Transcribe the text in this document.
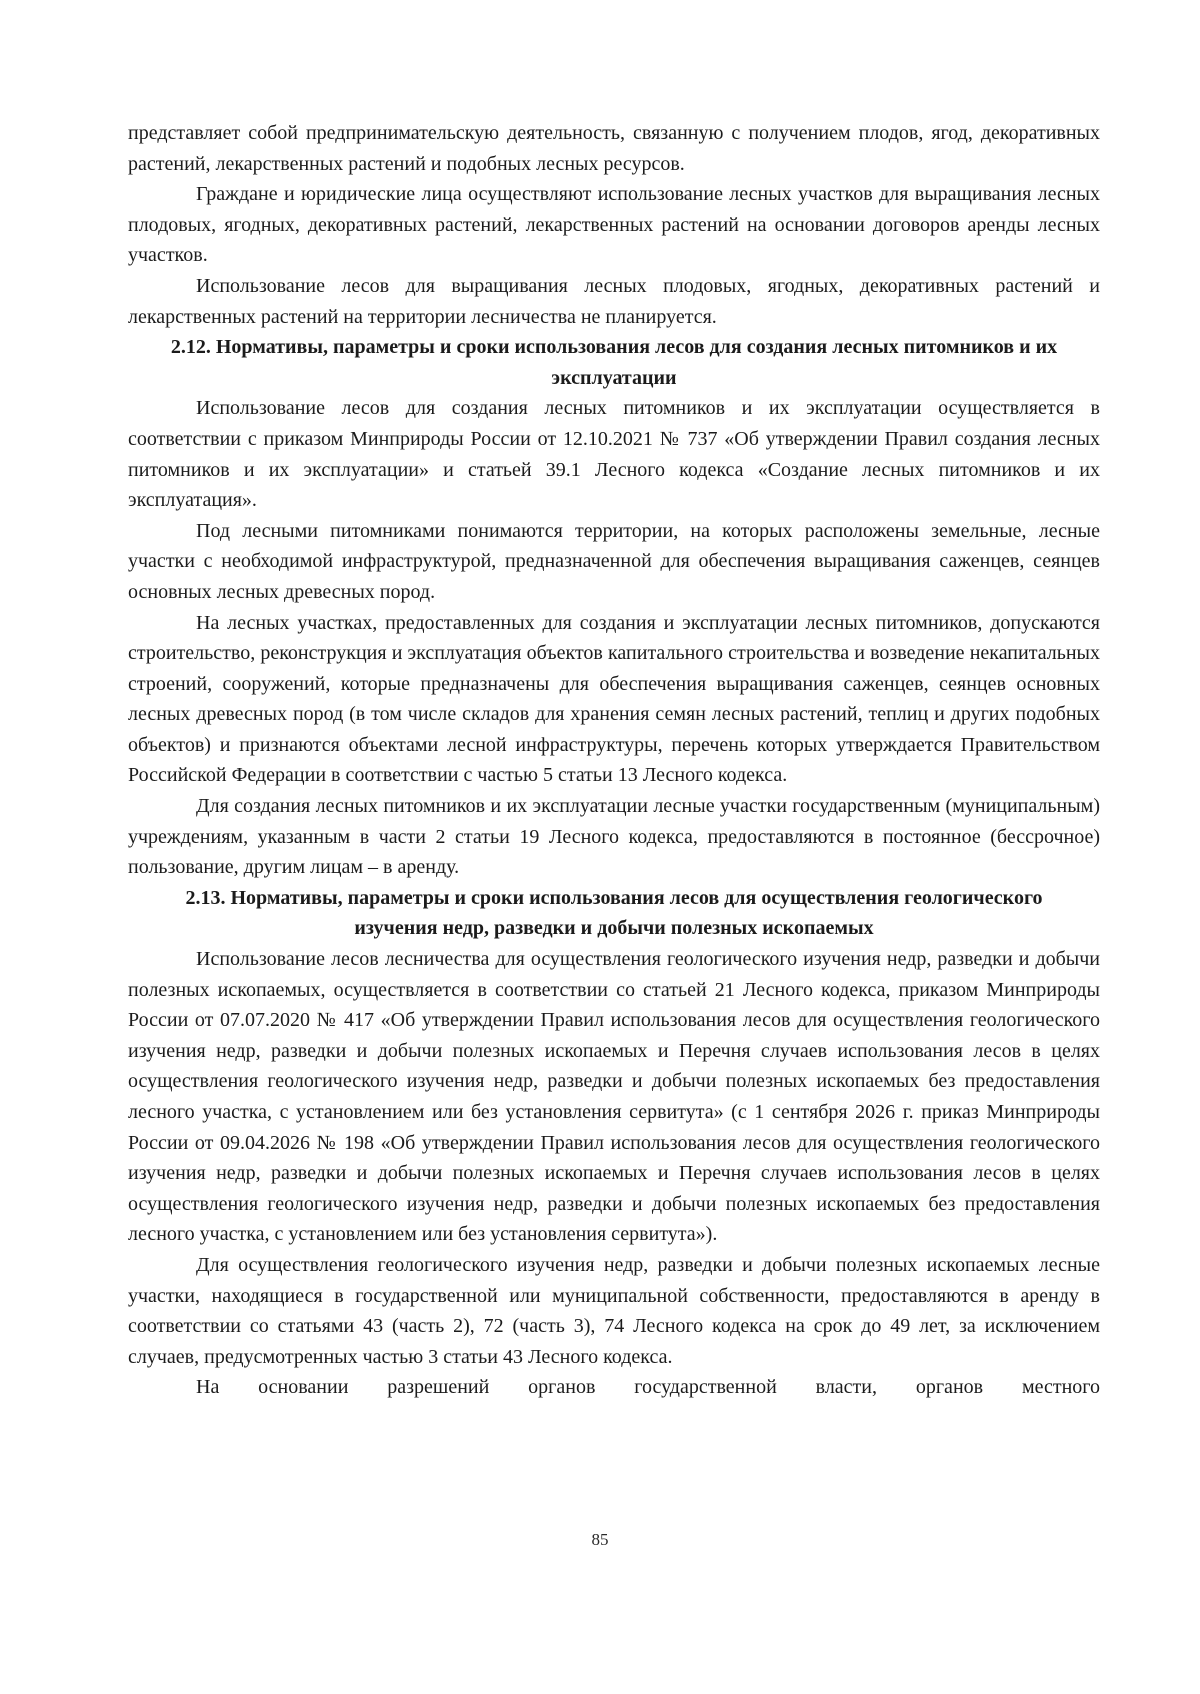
представляет собой предпринимательскую деятельность, связанную с получением плодов, ягод, декоративных растений, лекарственных растений и подобных лесных ресурсов.

Граждане и юридические лица осуществляют использование лесных участков для выращивания лесных плодовых, ягодных, декоративных растений, лекарственных растений на основании договоров аренды лесных участков.

Использование лесов для выращивания лесных плодовых, ягодных, декоративных растений и лекарственных растений на территории лесничества не планируется.

2.12. Нормативы, параметры и сроки использования лесов для создания лесных питомников и их эксплуатации

Использование лесов для создания лесных питомников и их эксплуатации осуществляется в соответствии с приказом Минприроды России от 12.10.2021 № 737 «Об утверждении Правил создания лесных питомников и их эксплуатации» и статьей 39.1 Лесного кодекса «Создание лесных питомников и их эксплуатация».

Под лесными питомниками понимаются территории, на которых расположены земельные, лесные участки с необходимой инфраструктурой, предназначенной для обеспечения выращивания саженцев, сеянцев основных лесных древесных пород.

На лесных участках, предоставленных для создания и эксплуатации лесных питомников, допускаются строительство, реконструкция и эксплуатация объектов капитального строительства и возведение некапитальных строений, сооружений, которые предназначены для обеспечения выращивания саженцев, сеянцев основных лесных древесных пород (в том числе складов для хранения семян лесных растений, теплиц и других подобных объектов) и признаются объектами лесной инфраструктуры, перечень которых утверждается Правительством Российской Федерации в соответствии с частью 5 статьи 13 Лесного кодекса.

Для создания лесных питомников и их эксплуатации лесные участки государственным (муниципальным) учреждениям, указанным в части 2 статьи 19 Лесного кодекса, предоставляются в постоянное (бессрочное) пользование, другим лицам – в аренду.

2.13. Нормативы, параметры и сроки использования лесов для осуществления геологического изучения недр, разведки и добычи полезных ископаемых

Использование лесов лесничества для осуществления геологического изучения недр, разведки и добычи полезных ископаемых, осуществляется в соответствии со статьей 21 Лесного кодекса, приказом Минприроды России от 07.07.2020 № 417 «Об утверждении Правил использования лесов для осуществления геологического изучения недр, разведки и добычи полезных ископаемых и Перечня случаев использования лесов в целях осуществления геологического изучения недр, разведки и добычи полезных ископаемых без предоставления лесного участка, с установлением или без установления сервитута» (с 1 сентября 2026 г. приказ Минприроды России от 09.04.2026 № 198 «Об утверждении Правил использования лесов для осуществления геологического изучения недр, разведки и добычи полезных ископаемых и Перечня случаев использования лесов в целях осуществления геологического изучения недр, разведки и добычи полезных ископаемых без предоставления лесного участка, с установлением или без установления сервитута»).

Для осуществления геологического изучения недр, разведки и добычи полезных ископаемых лесные участки, находящиеся в государственной или муниципальной собственности, предоставляются в аренду в соответствии со статьями 43 (часть 2), 72 (часть 3), 74 Лесного кодекса на срок до 49 лет, за исключением случаев, предусмотренных частью 3 статьи 43 Лесного кодекса.

На основании разрешений органов государственной власти, органов местного

85
